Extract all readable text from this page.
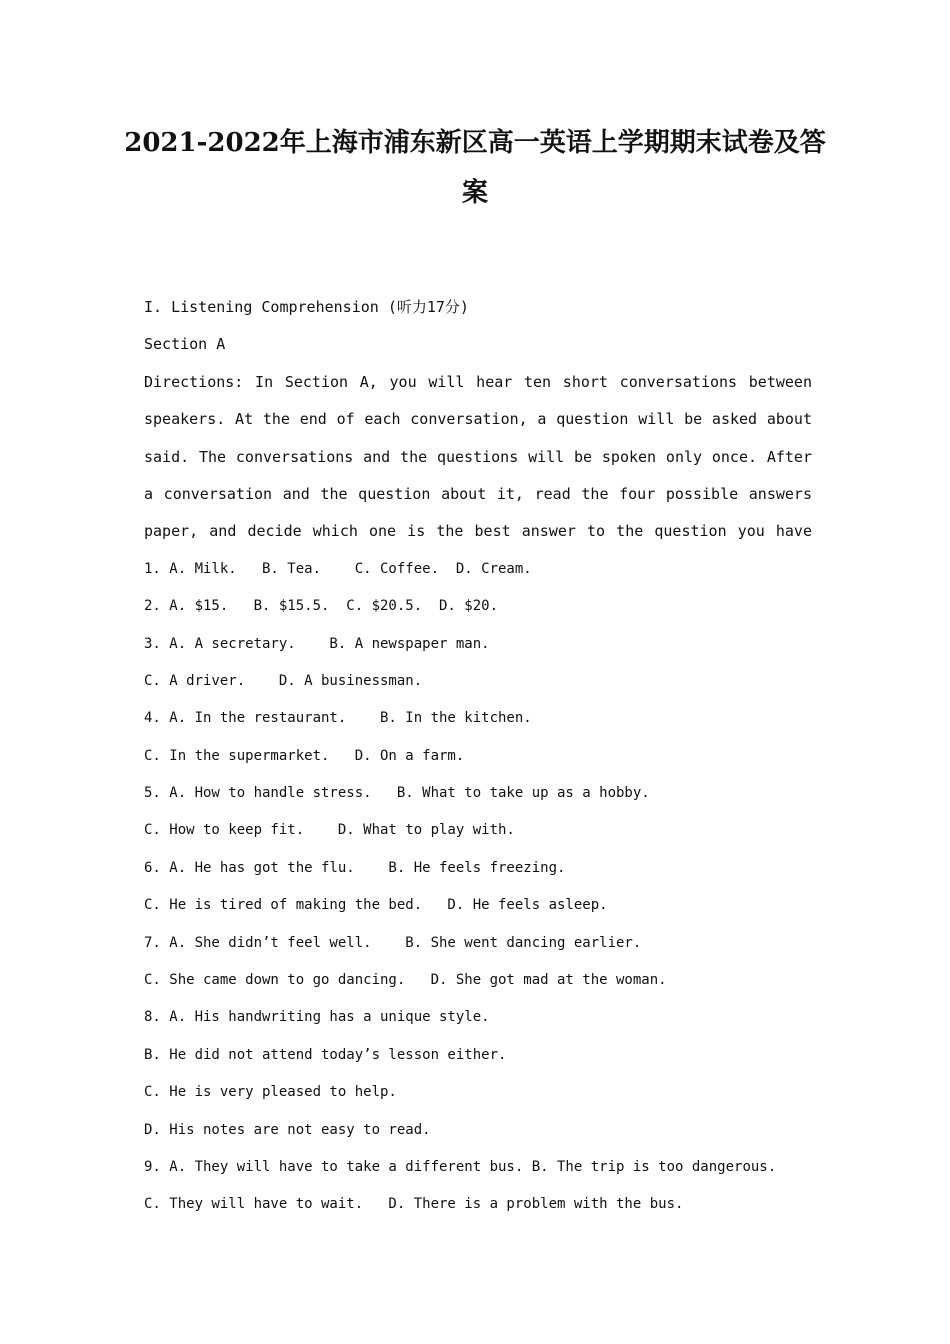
2021-2022年上海市浦东新区高一英语上学期期末试卷及答案
I. Listening Comprehension (听力17分)
Section A
Directions: In Section A, you will hear ten short conversations between
speakers. At the end of each conversation, a question will be asked about
said. The conversations and the questions will be spoken only once. After
a conversation and the question about it, read the four possible answers
paper, and decide which one is the best answer to the question you have
1. A. Milk.   B. Tea.    C. Coffee.  D. Cream.
2. A. $15.   B. $15.5.  C. $20.5.  D. $20.
3. A. A secretary.    B. A newspaper man.
C. A driver.    D. A businessman.
4. A. In the restaurant.    B. In the kitchen.
C. In the supermarket.   D. On a farm.
5. A. How to handle stress.   B. What to take up as a hobby.
C. How to keep fit.    D. What to play with.
6. A. He has got the flu.    B. He feels freezing.
C. He is tired of making the bed.   D. He feels asleep.
7. A. She didn’t feel well.    B. She went dancing earlier.
C. She came down to go dancing.   D. She got mad at the woman.
8. A. His handwriting has a unique style.
B. He did not attend today’s lesson either.
C. He is very pleased to help.
D. His notes are not easy to read.
9. A. They will have to take a different bus. B. The trip is too dangerous.
C. They will have to wait.   D. There is a problem with the bus.
